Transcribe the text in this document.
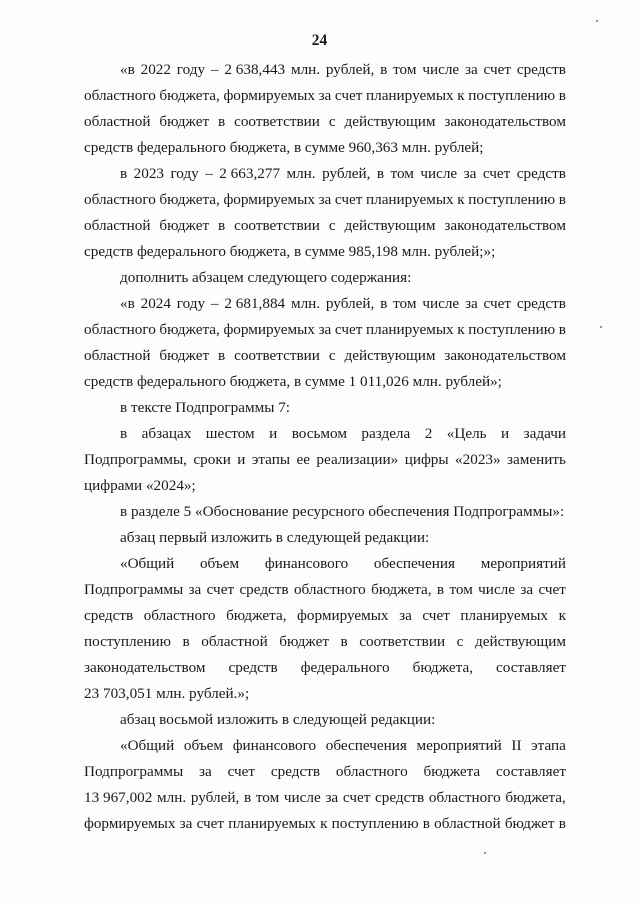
24
«в 2022 году – 2 638,443 млн. рублей, в том числе за счет средств
областного бюджета, формируемых за счет планируемых к поступлению в
областной бюджет в соответствии с действующим законодательством
средств федерального бюджета, в сумме 960,363 млн. рублей;
в 2023 году – 2 663,277 млн. рублей, в том числе за счет средств
областного бюджета, формируемых за счет планируемых к поступлению в
областной бюджет в соответствии с действующим законодательством
средств федерального бюджета, в сумме 985,198 млн. рублей;»;
дополнить абзацем следующего содержания:
«в 2024 году – 2 681,884 млн. рублей, в том числе за счет средств
областного бюджета, формируемых за счет планируемых к поступлению в
областной бюджет в соответствии с действующим законодательством
средств федерального бюджета, в сумме 1 011,026 млн. рублей»;
в тексте Подпрограммы 7:
в абзацах шестом и восьмом раздела 2 «Цель и задачи
Подпрограммы, сроки и этапы ее реализации» цифры «2023» заменить
цифрами «2024»;
в разделе 5 «Обоснование ресурсного обеспечения Подпрограммы»:
абзац первый изложить в следующей редакции:
«Общий объем финансового обеспечения мероприятий
Подпрограммы за счет средств областного бюджета, в том числе за счет
средств областного бюджета, формируемых за счет планируемых к
поступлению в областной бюджет в соответствии с действующим
законодательством средств федерального бюджета, составляет
23 703,051 млн. рублей.»;
абзац восьмой изложить в следующей редакции:
«Общий объем финансового обеспечения мероприятий II этапа
Подпрограммы за счет средств областного бюджета составляет
13 967,002 млн. рублей, в том числе за счет средств областного бюджета,
формируемых за счет планируемых к поступлению в областной бюджет в
